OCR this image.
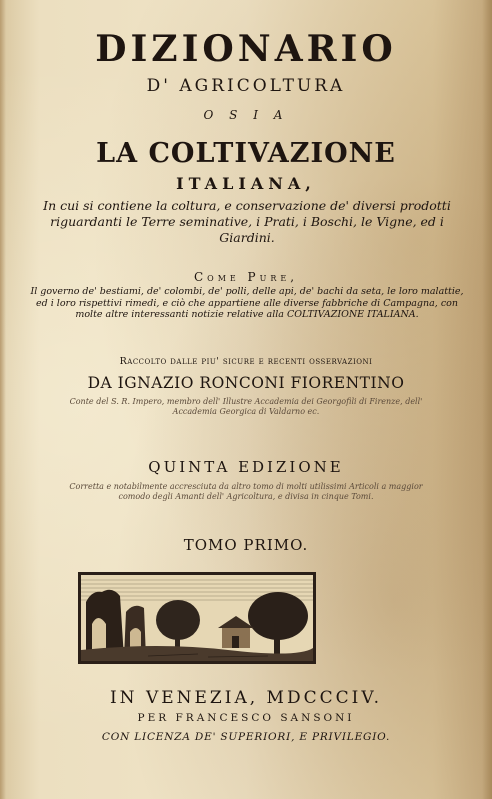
DIZIONARIO
D' AGRICOLTURA
O S I A
LA COLTIVAZIONE
ITALIANA,
In cui si contiene la coltura, e conservazione de' diversi prodotti riguardanti le Terre seminative, i Prati, i Boschi, le Vigne, ed i Giardini.
Come Pure,
Il governo de' bestiami, de' colombi, de' polli, delle api, de' bachi da seta, le loro malattie, ed i loro rispettivi rimedi, e ciò che appartiene alle diverse fabbriche di Campagna, con molte altre interessanti notizie relative alla COLTIVAZIONE ITALIANA.
Raccolto dalle piu' sicure e recenti osservazioni
DA IGNAZIO RONCONI FIORENTINO
Conte del S. R. Impero, membro dell' Illustre Accademia dei Georgofili di Firenze, dell' Accademia Georgica di Valdarno ec.
QUINTA EDIZIONE
Corretta e notabilmente accresciuta da altro tomo di molti utilissimi Articoli a maggior comodo degli Amanti dell' Agricoltura, e divisa in cinque Tomi.
TOMO PRIMO.
IN VENEZIA, MDCCCIV.
PER FRANCESCO SANSONI
CON LICENZA DE' SUPERIORI, E PRIVILEGIO.
